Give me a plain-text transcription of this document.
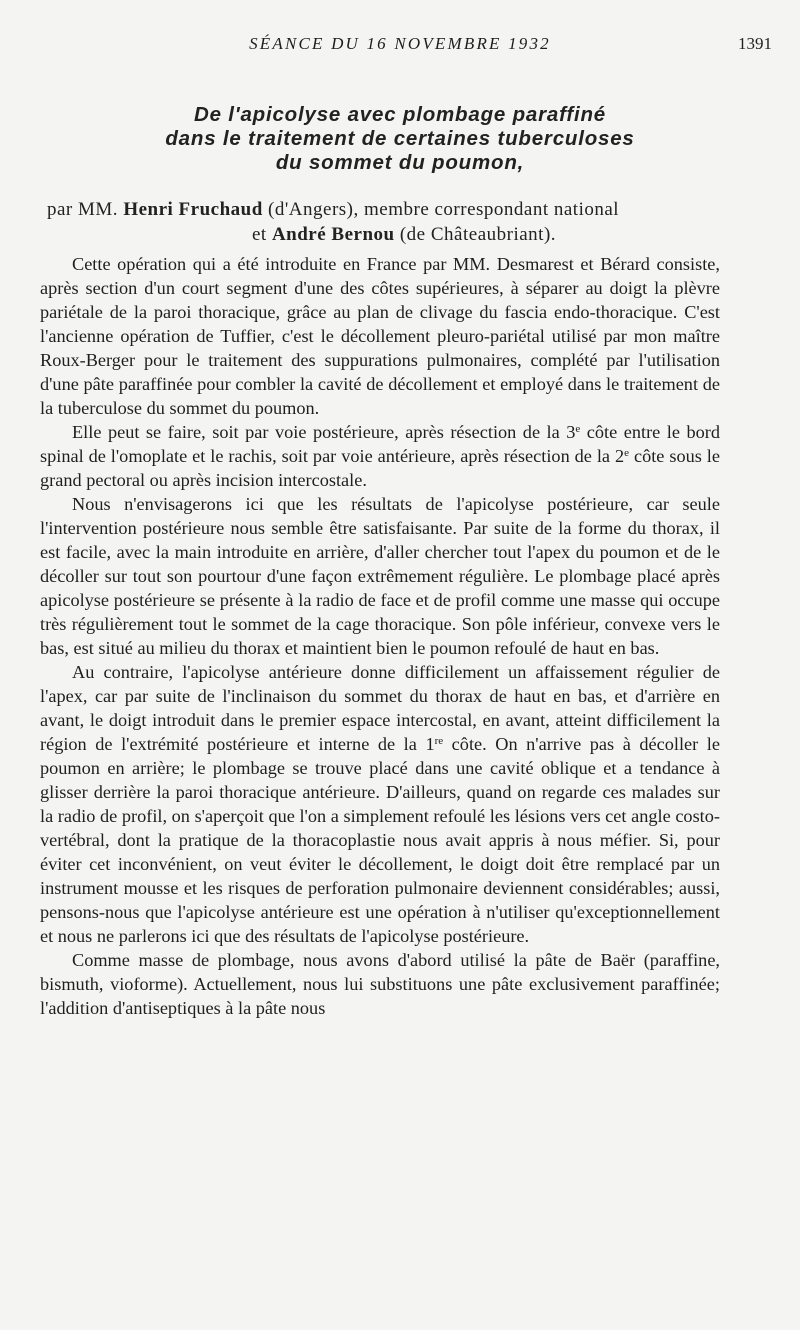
SÉANCE DU 16 NOVEMBRE 1932	1391
De l'apicolyse avec plombage paraffiné
dans le traitement de certaines tuberculoses
du sommet du poumon,
par MM. Henri Fruchaud (d'Angers), membre correspondant national
et André Bernou (de Châteaubriant).

Cette opération qui a été introduite en France par MM. Desmarest et Bérard consiste, après section d'un court segment d'une des côtes supérieures, à séparer au doigt la plèvre pariétale de la paroi thoracique, grâce au plan de clivage du fascia endo-thoracique. C'est l'ancienne opération de Tuffier, c'est le décollement pleuro-pariétal utilisé par mon maître Roux-Berger pour le traitement des suppurations pulmonaires, complété par l'utilisation d'une pâte paraffinée pour combler la cavité de décollement et employé dans le traitement de la tuberculose du sommet du poumon.

Elle peut se faire, soit par voie postérieure, après résection de la 3e côte entre le bord spinal de l'omoplate et le rachis, soit par voie antérieure, après résection de la 2e côte sous le grand pectoral ou après incision intercostale.

Nous n'envisagerons ici que les résultats de l'apicolyse postérieure, car seule l'intervention postérieure nous semble être satisfaisante. Par suite de la forme du thorax, il est facile, avec la main introduite en arrière, d'aller chercher tout l'apex du poumon et de le décoller sur tout son pourtour d'une façon extrêmement régulière. Le plombage placé après apicolyse postérieure se présente à la radio de face et de profil comme une masse qui occupe très régulièrement tout le sommet de la cage thoracique. Son pôle inférieur, convexe vers le bas, est situé au milieu du thorax et maintient bien le poumon refoulé de haut en bas.

Au contraire, l'apicolyse antérieure donne difficilement un affaissement régulier de l'apex, car par suite de l'inclinaison du sommet du thorax de haut en bas, et d'arrière en avant, le doigt introduit dans le premier espace intercostal, en avant, atteint difficilement la région de l'extrémité postérieure et interne de la 1re côte. On n'arrive pas à décoller le poumon en arrière; le plombage se trouve placé dans une cavité oblique et a tendance à glisser derrière la paroi thoracique antérieure. D'ailleurs, quand on regarde ces malades sur la radio de profil, on s'aperçoit que l'on a simplement refoulé les lésions vers cet angle costo-vertébral, dont la pratique de la thoracoplastie nous avait appris à nous méfier. Si, pour éviter cet inconvénient, on veut éviter le décollement, le doigt doit être remplacé par un instrument mousse et les risques de perforation pulmonaire deviennent considérables; aussi, pensons-nous que l'apicolyse antérieure est une opération à n'utiliser qu'exceptionnellement et nous ne parlerons ici que des résultats de l'apicolyse postérieure.

Comme masse de plombage, nous avons d'abord utilisé la pâte de Baër (paraffine, bismuth, vioforme). Actuellement, nous lui substituons une pâte exclusivement paraffinée; l'addition d'antiseptiques à la pâte nous
